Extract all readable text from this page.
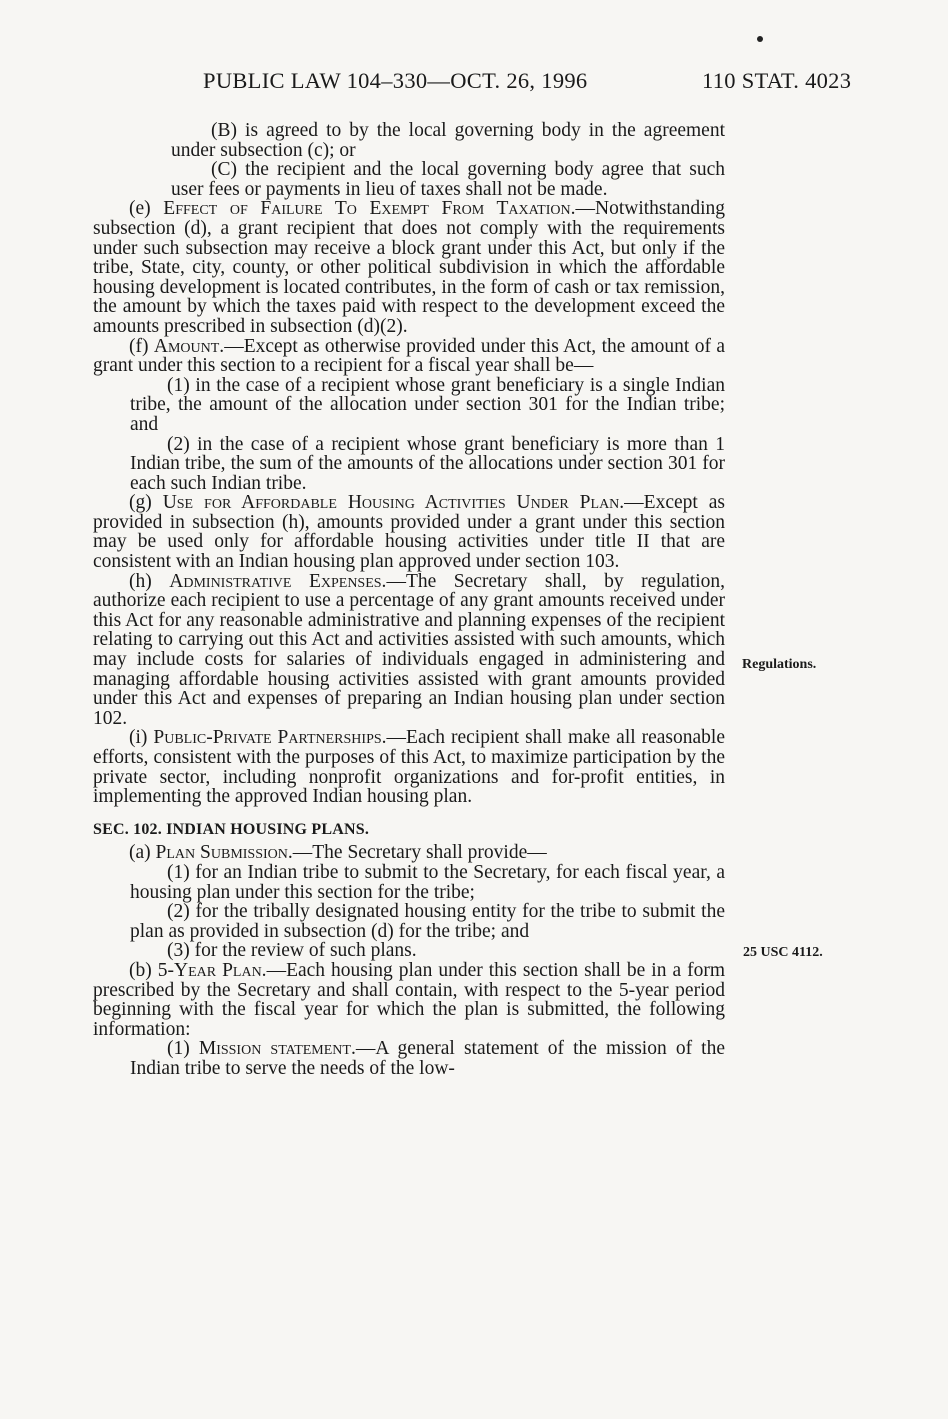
PUBLIC LAW 104–330—OCT. 26, 1996	110 STAT. 4023
Regulations.
25 USC 4112.

(B) is agreed to by the local governing body in the agreement under subsection (c); or

(C) the recipient and the local governing body agree that such user fees or payments in lieu of taxes shall not be made.

(e) Effect of Failure To Exempt From Taxation.—Notwithstanding subsection (d), a grant recipient that does not comply with the requirements under such subsection may receive a block grant under this Act, but only if the tribe, State, city, county, or other political subdivision in which the affordable housing development is located contributes, in the form of cash or tax remission, the amount by which the taxes paid with respect to the development exceed the amounts prescribed in subsection (d)(2).

(f) Amount.—Except as otherwise provided under this Act, the amount of a grant under this section to a recipient for a fiscal year shall be—

(1) in the case of a recipient whose grant beneficiary is a single Indian tribe, the amount of the allocation under section 301 for the Indian tribe; and

(2) in the case of a recipient whose grant beneficiary is more than 1 Indian tribe, the sum of the amounts of the allocations under section 301 for each such Indian tribe.

(g) Use for Affordable Housing Activities Under Plan.—Except as provided in subsection (h), amounts provided under a grant under this section may be used only for affordable housing activities under title II that are consistent with an Indian housing plan approved under section 103.

(h) Administrative Expenses.—The Secretary shall, by regulation, authorize each recipient to use a percentage of any grant amounts received under this Act for any reasonable administrative and planning expenses of the recipient relating to carrying out this Act and activities assisted with such amounts, which may include costs for salaries of individuals engaged in administering and managing affordable housing activities assisted with grant amounts provided under this Act and expenses of preparing an Indian housing plan under section 102.

(i) Public-Private Partnerships.—Each recipient shall make all reasonable efforts, consistent with the purposes of this Act, to maximize participation by the private sector, including nonprofit organizations and for-profit entities, in implementing the approved Indian housing plan.

SEC. 102. INDIAN HOUSING PLANS.

(a) Plan Submission.—The Secretary shall provide—

(1) for an Indian tribe to submit to the Secretary, for each fiscal year, a housing plan under this section for the tribe;

(2) for the tribally designated housing entity for the tribe to submit the plan as provided in subsection (d) for the tribe; and

(3) for the review of such plans.

(b) 5-Year Plan.—Each housing plan under this section shall be in a form prescribed by the Secretary and shall contain, with respect to the 5-year period beginning with the fiscal year for which the plan is submitted, the following information:

(1) Mission statement.—A general statement of the mission of the Indian tribe to serve the needs of the low-
